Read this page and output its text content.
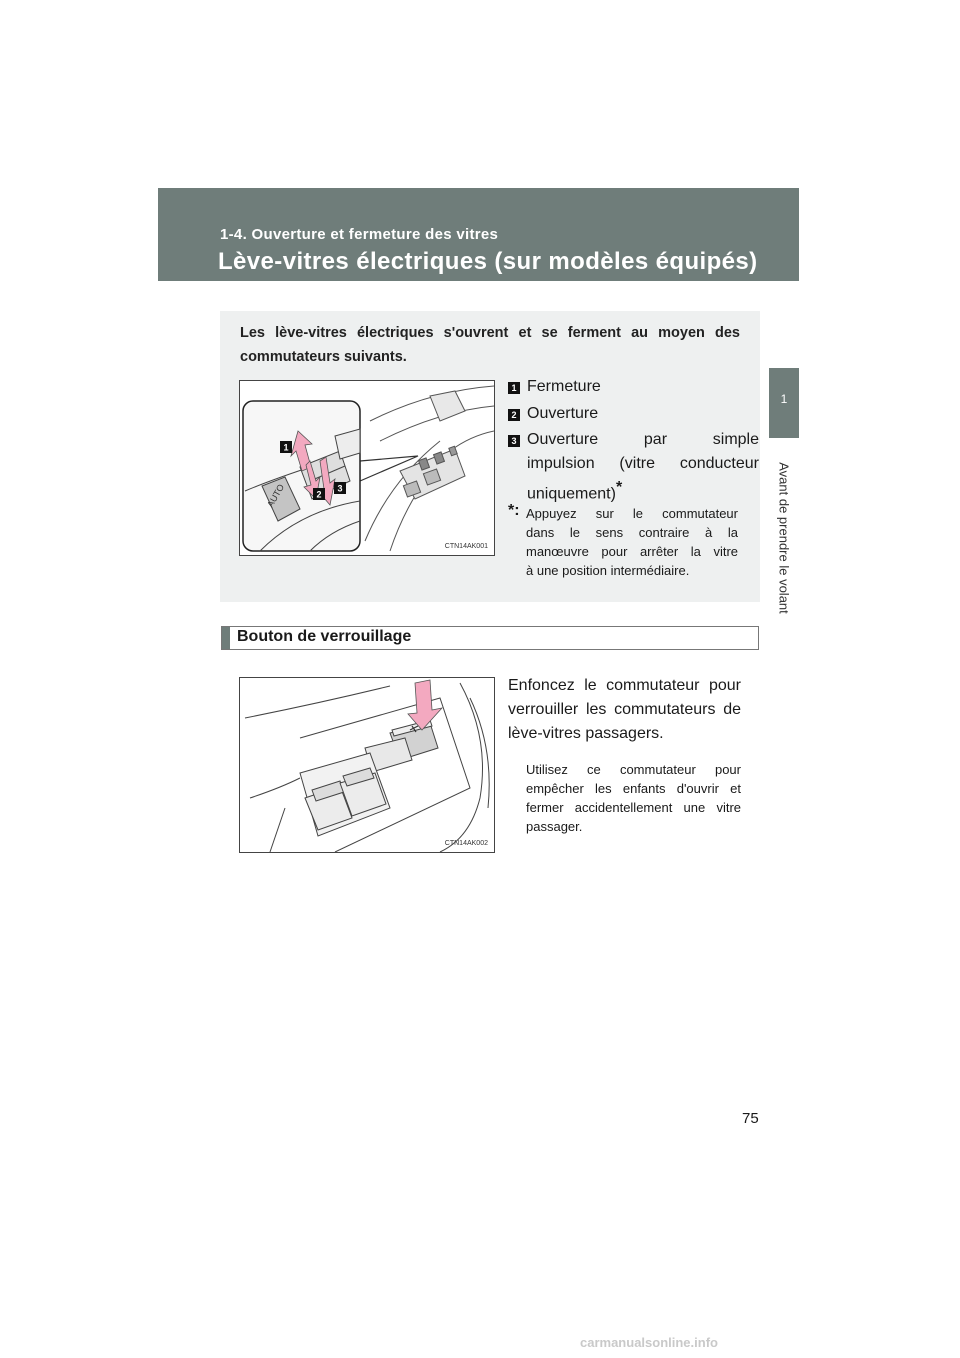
1-4. Ouverture et fermeture des vitres
Lève-vitres électriques (sur modèles équipés)
1
Avant de prendre le volant
Les lève-vitres électriques s'ouvrent et se ferment au moyen des
commutateurs suivants.
AUTO
1
2
3
CTN14AK001
1 Fermeture
2 Ouverture
3 Ouverture par simple
impulsion (vitre conducteur
uniquement)*
*: Appuyez sur le commutateur
dans le sens contraire à la
manœuvre pour arrêter la vitre
à une position intermédiaire.
Bouton de verrouillage
CTN14AK002
Enfoncez le commutateur pour
verrouiller les commutateurs de
lève-vitres passagers.
Utilisez ce commutateur pour
empêcher les enfants d'ouvrir et
fermer accidentellement une vitre
passager.
75
carmanualsonline.info
